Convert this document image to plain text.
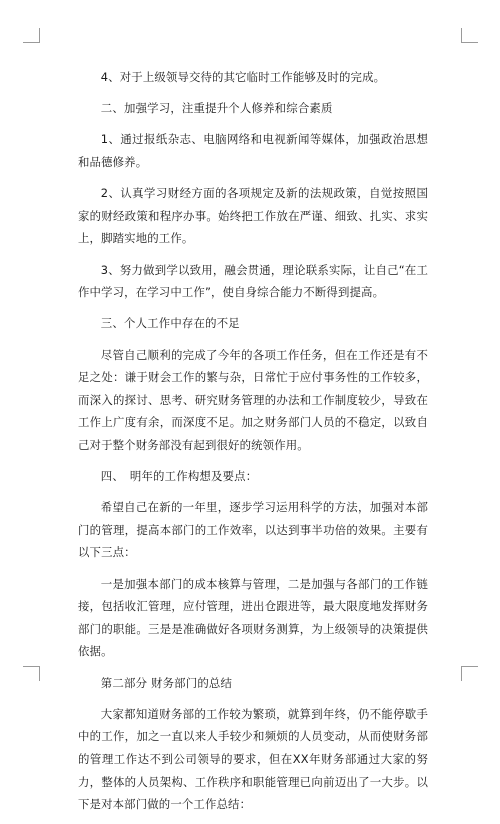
4、对于上级领导交待的其它临时工作能够及时的完成。

二、加强学习，注重提升个人修养和综合素质

1、通过报纸杂志、电脑网络和电视新闻等媒体，加强政治思想和品德修养。

2、认真学习财经方面的各项规定及新的法规政策，自觉按照国家的财经政策和程序办事。始终把工作放在严谨、细致、扎实、求实上，脚踏实地的工作。

3、努力做到学以致用，融会贯通，理论联系实际，让自己“在工作中学习，在学习中工作”，使自身综合能力不断得到提高。

三、个人工作中存在的不足

尽管自己顺利的完成了今年的各项工作任务，但在工作还是有不足之处：谦于财会工作的繁与杂，日常忙于应付事务性的工作较多，而深入的探讨、思考、研究财务管理的办法和工作制度较少，导致在工作上广度有余，而深度不足。加之财务部门人员的不稳定，以致自己对于整个财务部没有起到很好的统领作用。

四、　明年的工作构想及要点：

希望自己在新的一年里，逐步学习运用科学的方法，加强对本部门的管理，提高本部门的工作效率，以达到事半功倍的效果。主要有以下三点：

一是加强本部门的成本核算与管理，二是加强与各部门的工作链接，包括收汇管理，应付管理，进出仓跟进等，最大限度地发挥财务部门的职能。三是是准确做好各项财务测算，为上级领导的决策提供依据。

第二部分 财务部门的总结

大家都知道财务部的工作较为繁琐，就算到年终，仍不能停歇手中的工作，加之一直以来人手较少和频烦的人员变动，从而使财务部的管理工作达不到公司领导的要求，但在XX年财务部通过大家的努力，整体的人员架构、工作秩序和职能管理已向前迈出了一大步。以下是对本部门做的一个工作总结：
